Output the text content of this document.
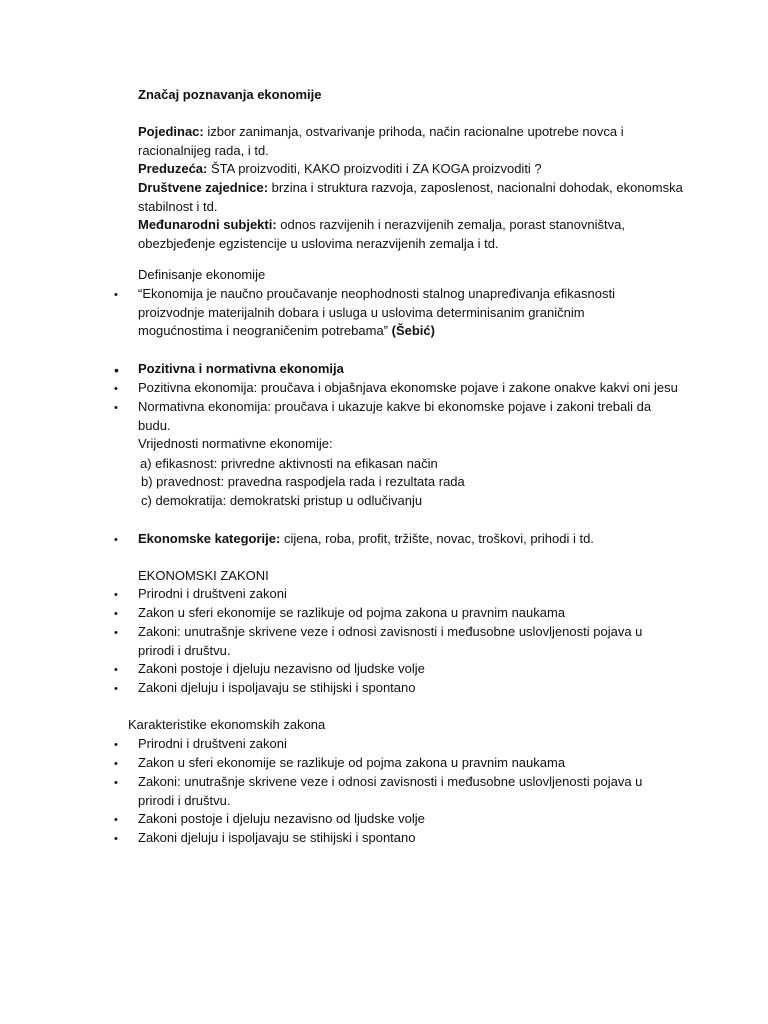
Značaj poznavanja ekonomije
Pojedinac: izbor zanimanja, ostvarivanje prihoda, način racionalne upotrebe novca i
racionalnijeg rada, i td.
Preduzeća: ŠTA proizvoditi, KAKO proizvoditi i ZA KOGA proizvoditi ?
Društvene zajednice: brzina i struktura razvoja, zaposlenost, nacionalni dohodak, ekonomska
stabilnost i td.
Međunarodni subjekti: odnos razvijenih i nerazvijenih zemalja, porast stanovništva,
obezbjeđenje egzistencije u uslovima nerazvijenih zemalja i td.
Definisanje ekonomije
• “Ekonomija je naučno proučavanje neophodnosti stalnog unapređivanja efikasnosti
proizvodnje materijalnih dobara i usluga u uslovima determinisanim graničnim
mogućnostima i neograničenim potrebama” (Šebić)
• Pozitivna i normativna ekonomija
• Pozitivna ekonomija: proučava i objašnjava ekonomske pojave i zakone onakve kakvi oni jesu
• Normativna ekonomija: proučava i ukazuje kakve bi ekonomske pojave i zakoni trebali da
budu.
Vrijednosti normativne ekonomije:
a) efikasnost: privredne aktivnosti na efikasan način
b) pravednost: pravedna raspodjela rada i rezultata rada
c) demokratija: demokratski pristup u odlučivanju
• Ekonomske kategorije: cijena, roba, profit, tržište, novac, troškovi, prihodi i td.
EKONOMSKI ZAKONI
• Prirodni i društveni zakoni
• Zakon u sferi ekonomije se razlikuje od pojma zakona u pravnim naukama
• Zakoni: unutrašnje skrivene veze i odnosi zavisnosti i međusobne uslovljenosti pojava u
prirodi i društvu.
• Zakoni postoje i djeluju nezavisno od ljudske volje
• Zakoni djeluju i ispoljavaju se stihijski i spontano
Karakteristike ekonomskih zakona
• Prirodni i društveni zakoni
• Zakon u sferi ekonomije se razlikuje od pojma zakona u pravnim naukama
• Zakoni: unutrašnje skrivene veze i odnosi zavisnosti i međusobne uslovljenosti pojava u
prirodi i društvu.
• Zakoni postoje i djeluju nezavisno od ljudske volje
• Zakoni djeluju i ispoljavaju se stihijski i spontano
